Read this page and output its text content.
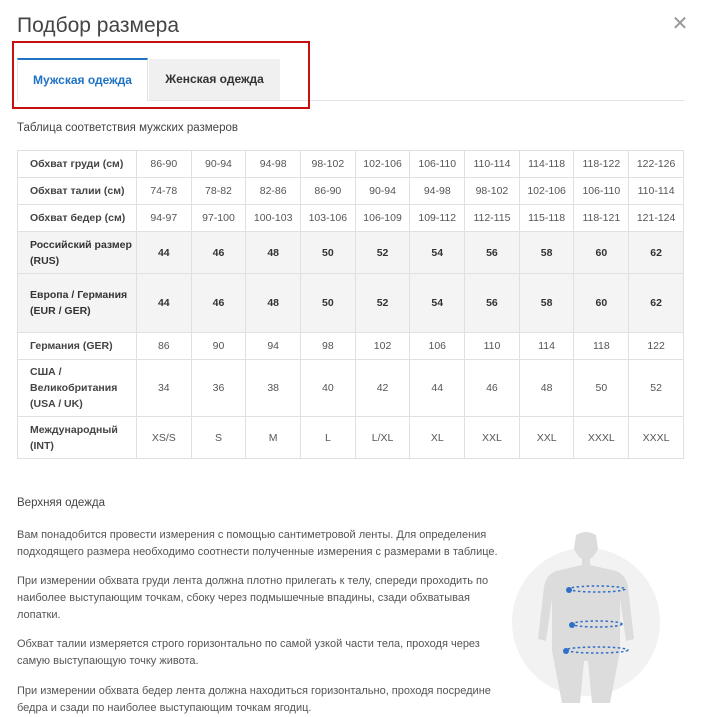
Подбор размера	✕
Мужская одежда	Женская одежда
Таблица соответствия мужских размеров
Обхват груди (см)	86-90	90-94	94-98	98-102	102-106	106-110	110-114	114-118	118-122	122-126
Обхват талии (см)	74-78	78-82	82-86	86-90	90-94	94-98	98-102	102-106	106-110	110-114
Обхват бедер (см)	94-97	97-100	100-103	103-106	106-109	109-112	112-115	115-118	118-121	121-124
Российский размер (RUS)	44	46	48	50	52	54	56	58	60	62
Европа / Германия (EUR / GER)	44	46	48	50	52	54	56	58	60	62
Германия (GER)	86	90	94	98	102	106	110	114	118	122
США / Великобритания (USA / UK)	34	36	38	40	42	44	46	48	50	52
Международный (INT)	XS/S	S	M	L	L/XL	XL	XXL	XXL	XXXL	XXXL
Верхняя одежда

Вам понадобится провести измерения с помощью сантиметровой ленты. Для определения подходящего размера необходимо соотнести полученные измерения с размерами в таблице.

При измерении обхвата груди лента должна плотно прилегать к телу, спереди проходить по наиболее выступающим точкам, сбоку через подмышечные впадины, сзади обхватывая лопатки.

Обхват талии измеряется строго горизонтально по самой узкой части тела, проходя через самую выступающую точку живота.

При измерении обхвата бедер лента должна находиться горизонтально, проходя посредине бедра и сзади по наиболее выступающим точкам ягодиц.
